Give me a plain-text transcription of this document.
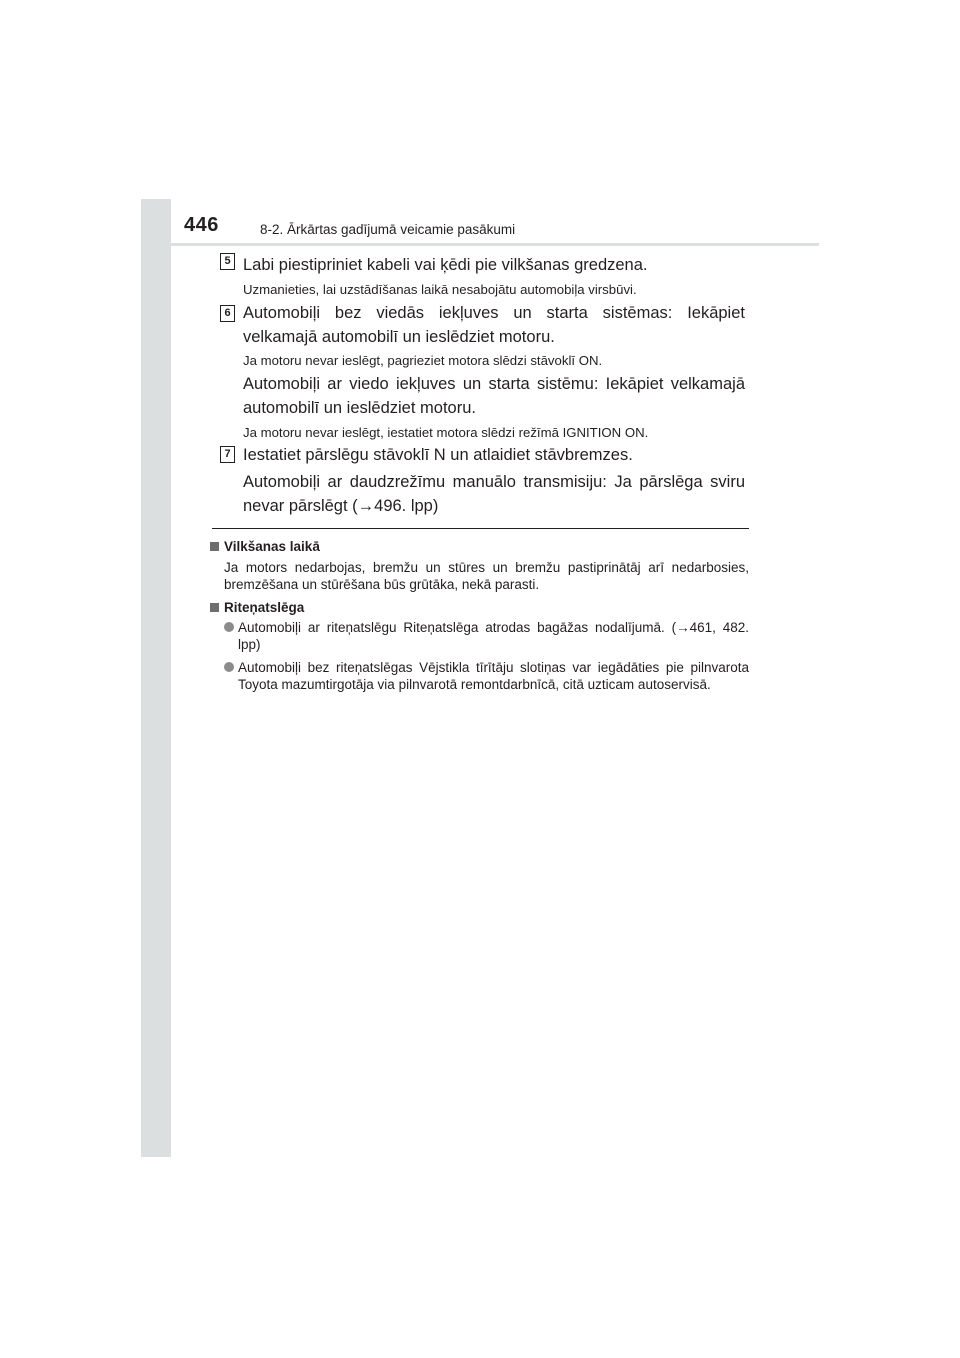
446	8-2. Ārkārtas gadījumā veicamie pasākumi
5 Labi piestipriniet kabeli vai ķēdi pie vilkšanas gredzena.
Uzmanieties, lai uzstādīšanas laikā nesabojātu automobiļa virsbūvi.
6 Automobiļi bez viedās iekļuves un starta sistēmas: Iekāpiet velkamajā automobilī un ieslēdziet motoru.
Ja motoru nevar ieslēgt, pagrieziet motora slēdzi stāvoklī ON.
Automobiļi ar viedo iekļuves un starta sistēmu: Iekāpiet velkamajā automobilī un ieslēdziet motoru.
Ja motoru nevar ieslēgt, iestatiet motora slēdzi režīmā IGNITION ON.
7 Iestatiet pārslēgu stāvoklī N un atlaidiet stāvbremzes.
Automobiļi ar daudzrežīmu manuālo transmisiju: Ja pārslēga sviru nevar pārslēgt (→496. lpp)
Vilkšanas laikā
Ja motors nedarbojas, bremžu un stūres un bremžu pastiprinātāj arī nedarbosies, bremzēšana un stūrēšana būs grūtāka, nekā parasti.
Riteņatslēga
Automobiļi ar riteņatslēgu Riteņatslēga atrodas bagāžas nodalījumā. (→461, 482. lpp)
Automobiļi bez riteņatslēgas Vējstikla tīrītāju slotiņas var iegādāties pie pilnvarota Toyota mazumtirgotāja via pilnvarotā remontdarbnīcā, citā uzticam autoservisā.
